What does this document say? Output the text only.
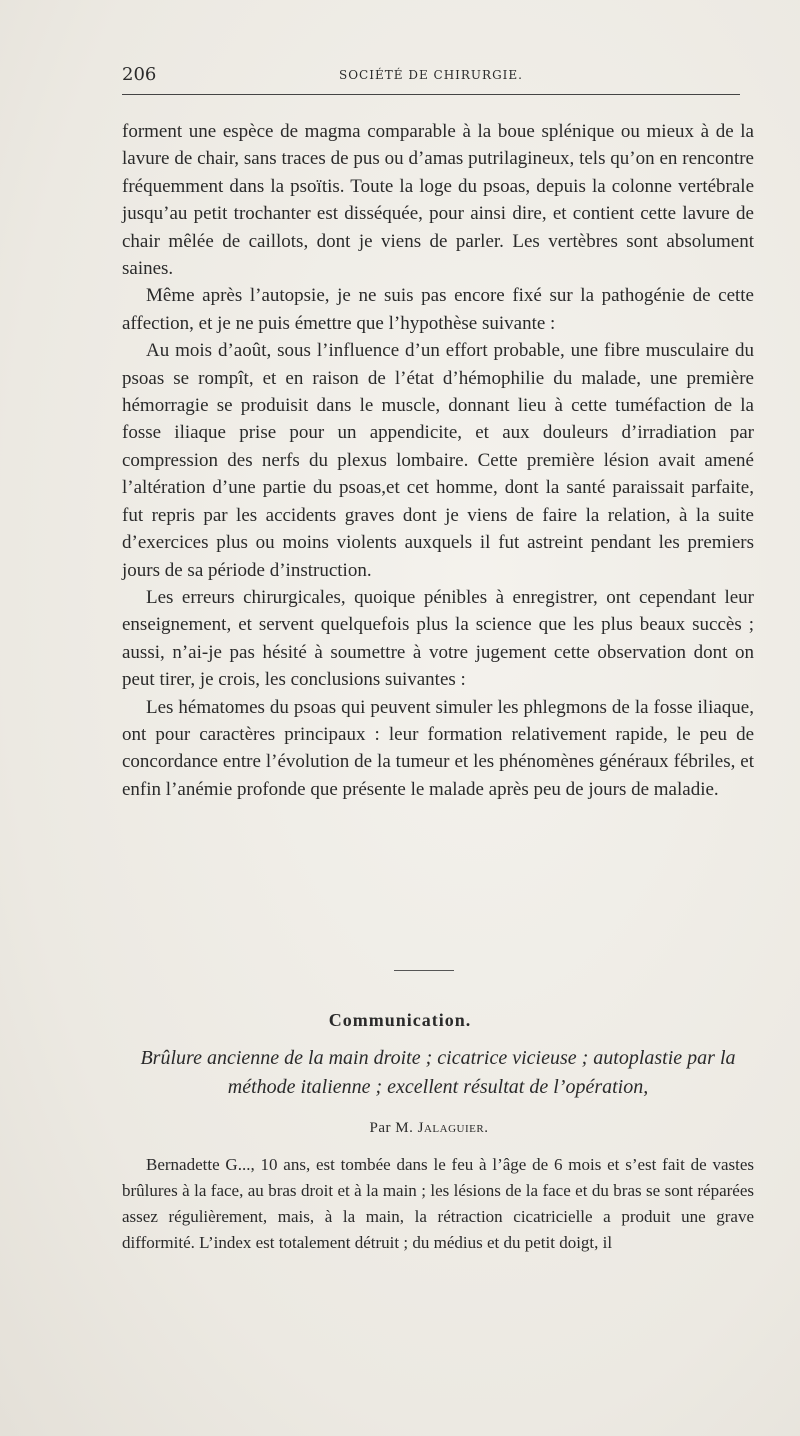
206	SOCIÉTÉ DE CHIRURGIE.

forment une espèce de magma comparable à la boue splénique ou mieux à de la lavure de chair, sans traces de pus ou d’amas putrilagineux, tels qu’on en rencontre fréquemment dans la psoïtis. Toute la loge du psoas, depuis la colonne vertébrale jusqu’au petit trochanter est disséquée, pour ainsi dire, et contient cette lavure de chair mêlée de caillots, dont je viens de parler. Les vertèbres sont absolument saines.

Même après l’autopsie, je ne suis pas encore fixé sur la pathogénie de cette affection, et je ne puis émettre que l’hypothèse suivante :

Au mois d’août, sous l’influence d’un effort probable, une fibre musculaire du psoas se rompît, et en raison de l’état d’hémophilie du malade, une première hémorragie se produisit dans le muscle, donnant lieu à cette tuméfaction de la fosse iliaque prise pour un appendicite, et aux douleurs d’irradiation par compression des nerfs du plexus lombaire. Cette première lésion avait amené l’altération d’une partie du psoas,et cet homme, dont la santé paraissait parfaite, fut repris par les accidents graves dont je viens de faire la relation, à la suite d’exercices plus ou moins violents auxquels il fut astreint pendant les premiers jours de sa période d’instruction.

Les erreurs chirurgicales, quoique pénibles à enregistrer, ont cependant leur enseignement, et servent quelquefois plus la science que les plus beaux succès ; aussi, n’ai-je pas hésité à soumettre à votre jugement cette observation dont on peut tirer, je crois, les conclusions suivantes :

Les hématomes du psoas qui peuvent simuler les phlegmons de la fosse iliaque, ont pour caractères principaux : leur formation relativement rapide, le peu de concordance entre l’évolution de la tumeur et les phénomènes généraux fébriles, et enfin l’anémie profonde que présente le malade après peu de jours de maladie.

Communication.
Brûlure ancienne de la main droite ; cicatrice vicieuse ; autoplastie par la méthode italienne ; excellent résultat de l’opération,
Par M. Jalaguier.

Bernadette G..., 10 ans, est tombée dans le feu à l’âge de 6 mois et s’est fait de vastes brûlures à la face, au bras droit et à la main ; les lésions de la face et du bras se sont réparées assez régulièrement, mais, à la main, la rétraction cicatricielle a produit une grave difformité. L’index est totalement détruit ; du médius et du petit doigt, il
